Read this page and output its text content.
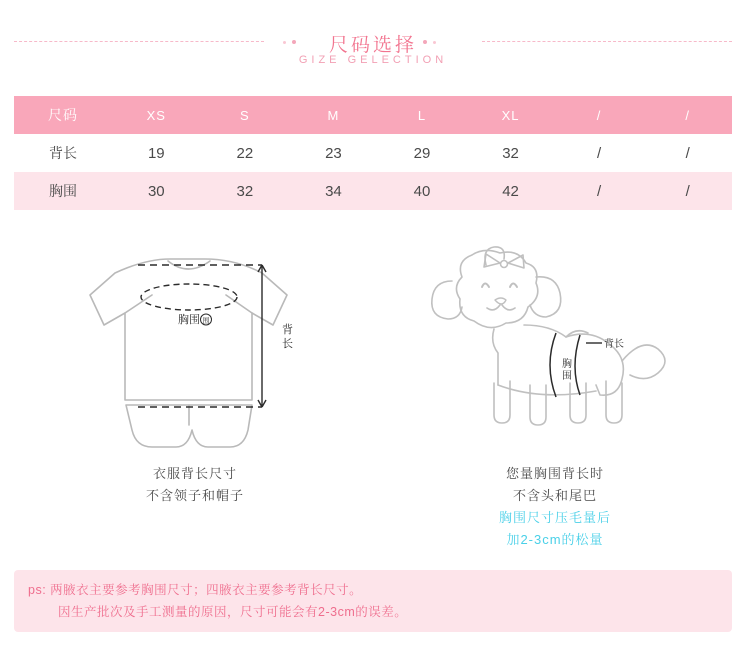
尺码选择
GIZE GELECTION
尺码	XS	S	M	L	XL	/	/
背长	19	22	23	29	32	/	/
胸围	30	32	34	40	42	/	/
胸围 围
背
长	背长
胸
围
衣服背长尺寸
不含领子和帽子
您量胸围背长时
不含头和尾巴
胸围尺寸压毛量后
加2-3cm的松量
ps: 两腋衣主要参考胸围尺寸；四腋衣主要参考背长尺寸。
因生产批次及手工测量的原因，尺寸可能会有2-3cm的误差。
